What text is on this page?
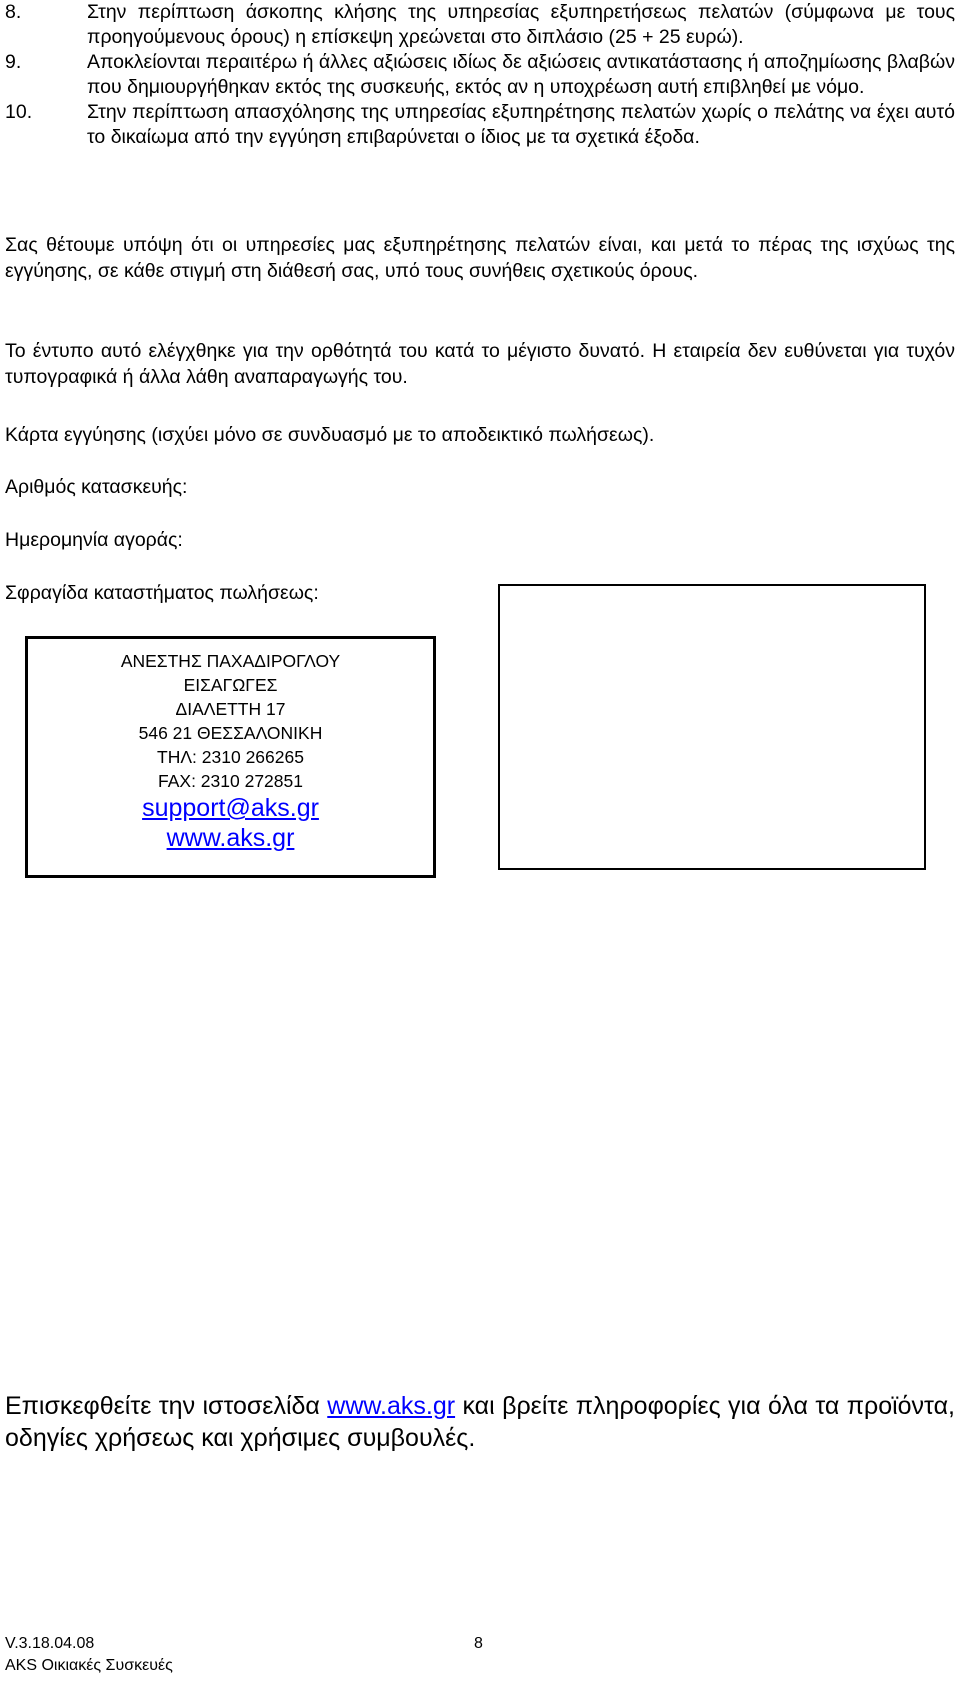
8.	Στην περίπτωση άσκοπης κλήσης της υπηρεσίας εξυπηρετήσεως πελατών (σύμφωνα με τους προηγούμενους όρους) η επίσκεψη χρεώνεται στο διπλάσιο (25 + 25 ευρώ).
9.	Αποκλείονται περαιτέρω ή άλλες αξιώσεις ιδίως δε αξιώσεις αντικατάστασης ή αποζημίωσης βλαβών που δημιουργήθηκαν εκτός της συσκευής, εκτός αν η υποχρέωση αυτή επιβληθεί με νόμο.
10.	Στην περίπτωση απασχόλησης της υπηρεσίας εξυπηρέτησης πελατών χωρίς ο πελάτης να έχει αυτό το δικαίωμα από την εγγύηση επιβαρύνεται ο ίδιος με τα σχετικά έξοδα.

Σας θέτουμε υπόψη ότι οι υπηρεσίες μας εξυπηρέτησης πελατών είναι, και μετά το πέρας της ισχύως της εγγύησης, σε κάθε στιγμή στη διάθεσή σας, υπό τους συνήθεις σχετικούς όρους.

Το έντυπο αυτό ελέγχθηκε για την ορθότητά του κατά το μέγιστο δυνατό. Η εταιρεία δεν ευθύνεται για τυχόν τυπογραφικά ή άλλα λάθη αναπαραγωγής του.

Κάρτα εγγύησης (ισχύει μόνο σε συνδυασμό με το αποδεικτικό πωλήσεως).

Αριθμός κατασκευής:

Ημερομηνία αγοράς:

Σφραγίδα καταστήματος πωλήσεως:

ΑΝΕΣΤΗΣ ΠΑΧΑΔΙΡΟΓΛΟΥ
ΕΙΣΑΓΩΓΕΣ
ΔΙΑΛΕΤΤΗ 17
546 21 ΘΕΣΣΑΛΟΝΙΚΗ
ΤΗΛ: 2310 266265
FAX: 2310 272851
support@aks.gr
www.aks.gr

Επισκεφθείτε την ιστοσελίδα www.aks.gr και βρείτε πληροφορίες για όλα τα προϊόντα, οδηγίες χρήσεως και χρήσιμες συμβουλές.

V.3.18.04.08
AKS Οικιακές Συσκευές
8
